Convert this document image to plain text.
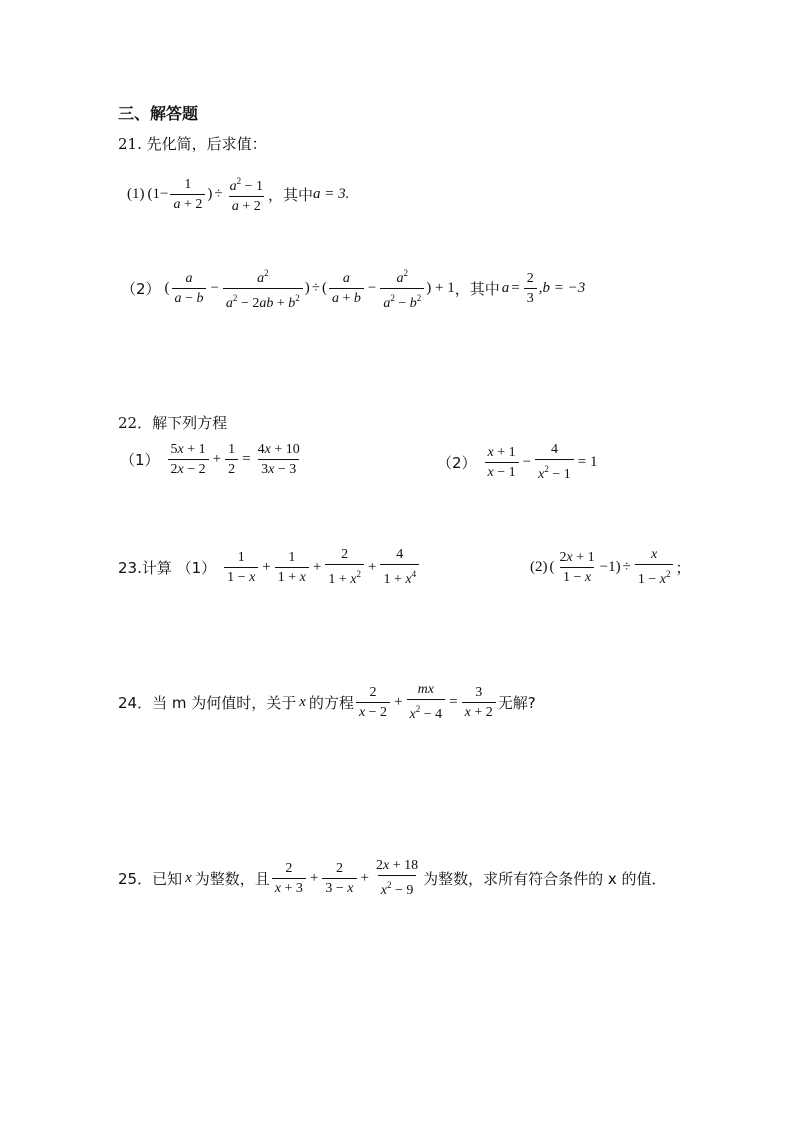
三、解答题
21. 先化简，后求值：
(1) ($1- \frac{1}{a + 2}$ ) ÷ $\frac{a^2 - 1}{a + 2}$ ，其中 a = 3.
（2） ( $\frac{a}{a - b} - \frac{a^2}{a^2 - 2ab + b^2}$ ) ÷ ( $\frac{a}{a + b} - \frac{a^2}{a^2 - b^2}$ ) + 1 ，其中 $a = \frac{2}{3} ,b = -3$
22．解下列方程
$(1) \frac{5x + 1}{2x - 2} + \frac{1}{2} = \frac{4x + 10}{3x - 3}$	$(2) \frac{x + 1}{x - 1} - \frac{4}{x^2 - 1} = 1$
23.计算 $(1) \frac{1}{1 - x} + \frac{1}{1 + x} + \frac{2}{1 + x^2} + \frac{4}{1 + x^4}$	(2) ( $\frac{2x + 1}{1 - x} -1) \div \frac{x}{1 - x^2}$ ；
24．当 m 为何值时，关于 x 的方程 $\frac{2}{x - 2} + \frac{mx}{x^2 - 4} = \frac{3}{x + 2}$ 无解?
25．已知 x 为整数，且 $\frac{2}{x + 3} + \frac{2}{3 - x} + \frac{2x + 18}{x^2 - 9}$ 为整数，求所有符合条件的 x 的值．
